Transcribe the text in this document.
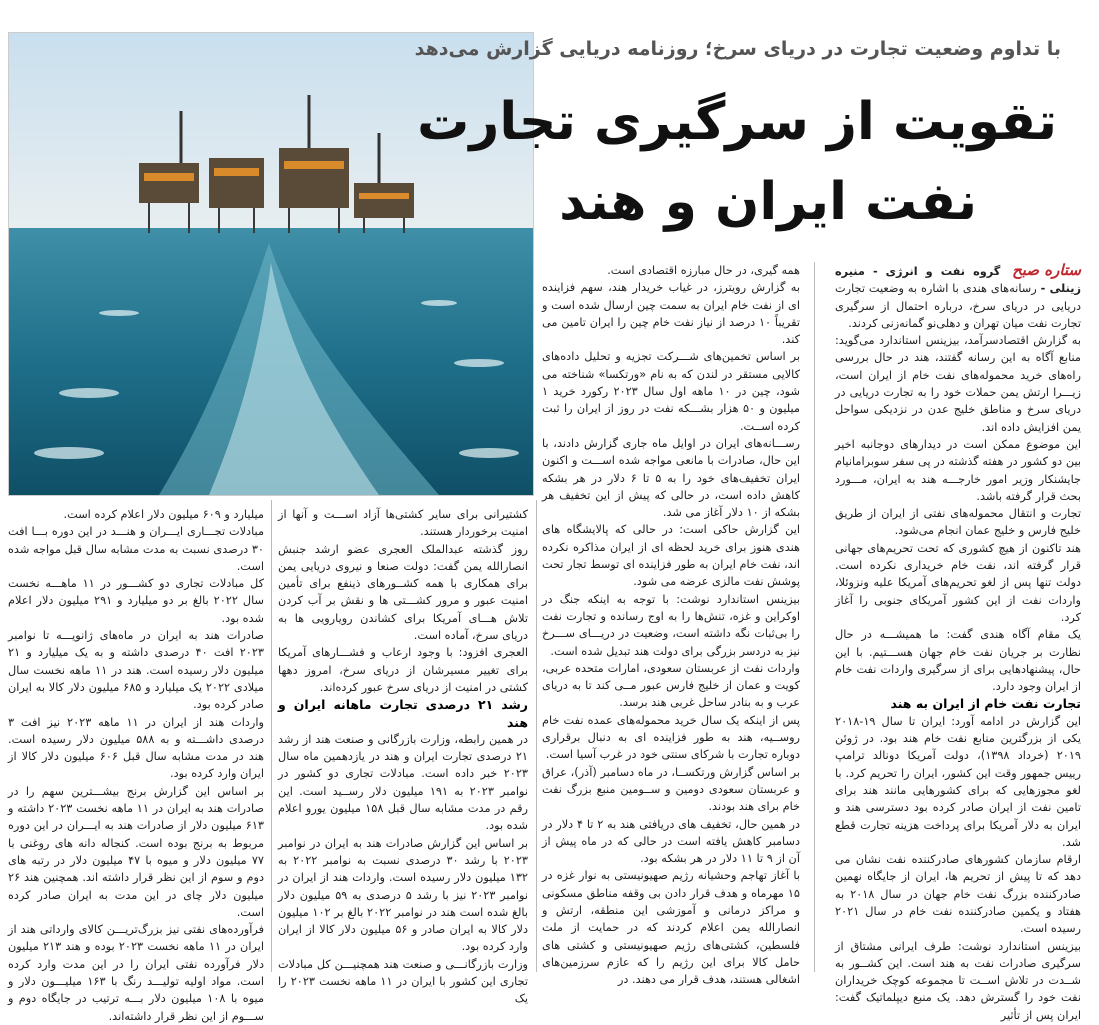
با تداوم وضعیت تجارت در دریای سرخ؛ روزنامه دریایی گزارش می‌دهد
تقویت از سرگیری تجارت
نفت ایران و هند

ستاره صبح گروه نفت و انرژی - منیره زینلی - رسانه‌های هندی با اشاره به وضعیت تجارت دریایی در دریای سرخ، درباره احتمال از سرگیری تجارت نفت میان تهران و دهلی‌نو گمانه‌زنی کردند.

به گزارش اقتصادسرآمد، بیزینس استاندارد می‌گوید: منابع آگاه به این رسانه گفتند، هند در حال بررسی راه‌های خرید محموله‌های نفت خام از ایران است، زیـــرا ارتش یمن حملات خود را به تجارت دریایی در دریای سرخ و مناطق خلیج عدن در نزدیکی سواحل یمن افزایش داده اند.

این موضوع ممکن است در دیدارهای دوجانبه اخیر بین دو کشور در هفته گذشته در پی سفر سوبرامانیام جایشنکار وزیر امور خارجـــه هند به ایران، مـــورد بحث قرار گرفته باشد.

تجارت و انتقال محموله‌های نفتی از ایران از طریق خلیج فارس و خلیج عمان انجام می‌شود.

هند تاکنون از هیچ کشوری که تحت تحریم‌های جهانی قرار گرفته اند، نفت خام خریداری نکرده است. دولت تنها پس از لغو تحریم‌های آمریکا علیه ونزوئلا، واردات نفت از این کشور آمریکای جنوبی را آغاز کرد.

یک مقام آگاه هندی گفت: ما همیشـــه در حال نظارت بر جریان نفت خام جهان هســـتیم. با این حال، پیشنهادهایی برای از سرگیری واردات نفت خام از ایران وجود دارد.

تجارت نفت خام از ایران به هند

این گزارش در ادامه آورد: ایران تا سال ۱۹-۲۰۱۸ یکی از بزرگترین منابع نفت خام هند بود. در ژوئن ۲۰۱۹ (خرداد ۱۳۹۸)، دولت آمریکا دونالد ترامپ رییس جمهور وقت این کشور، ایران را تحریم کرد. با لغو مجوزهایی که برای کشورهایی مانند هند برای تامین نفت از ایران صادر کرده بود دسترسی هند و ایران به دلار آمریکا برای پرداخت هزینه تجارت قطع شد.

ارقام سازمان کشورهای صادرکننده نفت نشان می دهد که تا پیش از تحریم ها، ایران از جایگاه نهمین صادرکننده بزرگ نفت خام جهان در سال ۲۰۱۸ به هفتاد و یکمین صادرکننده نفت خام در سال ۲۰۲۱ رسیده است.

بیزینس استاندارد نوشت: طرف ایرانی مشتاق از سرگیری صادرات نفت به هند است. این کشــور به شــدت در تلاش اســت تا مجموعه کوچک خریداران نفت خود را گسترش دهد. یک منبع دیپلماتیک گفت: ایران پس از تأثیر

همه گیری، در حال مبارزه اقتصادی است.

به گزارش رویترز، در غیاب خریدار هند، سهم فزاینده ای از نفت خام ایران به سمت چین ارسال شده است و تقریباً ۱۰ درصد از نیاز نفت خام چین را ایران تامین می کند.

بر اساس تخمین‌های شـــرکت تجزیه و تحلیل داده‌های کالایی مستقر در لندن که به نام «ورتکسا» شناخته می شود، چین در ۱۰ ماهه اول سال ۲۰۲۳ رکورد خرید ۱ میلیون و ۵۰ هزار بشـــکه نفت در روز از ایران را ثبت کرده اســت.

رســـانه‌های ایران در اوایل ماه جاری گزارش دادند، با این حال، صادرات با مانعی مواجه شده اســـت و اکنون ایران تخفیف‌های خود را به ۵ تا ۶ دلار در هر بشکه کاهش داده است، در حالی که پیش از این تخفیف هر بشکه از ۱۰ دلار آغاز می شد.

این گزارش حاکی است: در حالی که پالایشگاه های هندی هنوز برای خرید لحظه ای از ایران مذاکره نکرده اند، نفت خام ایران به طور فزاینده ای توسط تجار تحت پوشش نفت مالزی عرضه می شود.

بیزینس استاندارد نوشت: با توجه به اینکه جنگ در اوکراین و غزه، تنش‌ها را به اوج رسانده و تجارت نفت را بی‌ثبات نگه داشته است، وضعیت در دریـــای ســـرخ نیز به دردسر بزرگی برای دولت هند تبدیل شده است.

واردات نفت از عربستان سعودی، امارات متحده عربی، کویت و عمان از خلیج فارس عبور مــی کند تا به دریای عرب و به بنادر ساحل غربی هند برسد.

پس از اینکه یک سال خرید محموله‌های عمده نفت خام روســیه، هند به طور فزاینده ای به دنبال برقراری دوباره تجارت با شرکای سنتی خود در غرب آسیا است.

بر اساس گزارش ورتکســا، در ماه دسامبر (آذر)، عراق و عربستان سعودی دومین و ســومین منبع بزرگ نفت خام برای هند بودند.

در همین حال، تخفیف های دریافتی هند به ۲ تا ۴ دلار در دسامبر کاهش یافته است در حالی که در ماه پیش از آن از ۹ تا ۱۱ دلار در هر بشکه بود.

با آغاز تهاجم وحشیانه رژیم صهیونیستی به نوار غزه در ۱۵ مهرماه و هدف قرار دادن بی وقفه مناطق مسکونی و مراکز درمانی و آموزشی این منطقه، ارتش و انصارالله یمن اعلام کردند که در حمایت از ملت فلسطین، کشتی‌های رژیم صهیونیستی و کشتی های حامل کالا برای این رژیم را که عازم سرزمین‌های اشغالی هستند، هدف قرار می دهند. در

کشتیرانی برای سایر کشتی‌ها آزاد اســـت و آنها از امنیت برخوردار هستند.

روز گذشته عبدالملک العجری عضو ارشد جنبش انصارالله یمن گفت: دولت صنعا و نیروی دریایی یمن برای همکاری با همه کشــورهای ذینفع برای تأمین امنیت عبور و مرور کشـــتی ها و نقش بر آب کردن تلاش هـــای آمریکا برای کشاندن رویارویی ها به دریای سرخ، آماده است.

العجری افزود: با وجود ارعاب و فشـــارهای آمریکا برای تغییر مسیرشان از دریای سرخ، امروز دهها کشتی در امنیت از دریای سرخ عبور کرده‌اند.

رشد ۲۱ درصدی تجارت ماهانه ایران و هند

در همین رابطه، وزارت بازرگانی و صنعت هند از رشد ۲۱ درصدی تجارت ایران و هند در یازدهمین ماه سال ۲۰۲۳ خبر داده است. مبادلات تجاری دو کشور در نوامبر ۲۰۲۳ به ۱۹۱ میلیون دلار رســید است. این رقم در مدت مشابه سال قبل ۱۵۸ میلیون یورو اعلام شده بود.

بر اساس این گزارش صادرات هند به ایران در نوامبر ۲۰۲۳ با رشد ۳۰ درصدی نسبت به نوامبر ۲۰۲۲ به ۱۳۲ میلیون دلار رسیده است. واردات هند از ایران در نوامبر ۲۰۲۳ نیز با رشد ۵ درصدی به ۵۹ میلیون دلار بالغ شده است هند در نوامبر ۲۰۲۲ بالغ بر ۱۰۲ میلیون دلار کالا به ایران صادر و ۵۶ میلیون دلار کالا از ایران وارد کرده بود.

وزارت بازرگانـــی و صنعت هند همچنیـــن کل مبادلات تجاری این کشور با ایران در ۱۱ ماهه نخست ۲۰۲۳ را یک

میلیارد و ۶۰۹ میلیون دلار اعلام کرده است.

مبادلات تجـــاری ایـــران و هنـــد در این دوره بـــا افت ۳۰ درصدی نسبت به مدت مشابه سال قبل مواجه شده است.

کل مبادلات تجاری دو کشـــور در ۱۱ ماهـــه نخست سال ۲۰۲۲ بالغ بر دو میلیارد و ۲۹۱ میلیون دلار اعلام شده بود.

صادرات هند به ایران در ماه‌های ژانویـــه تا نوامبر ۲۰۲۳ افت ۴۰ درصدی داشته و به یک میلیارد و ۲۱ میلیون دلار رسیده است. هند در ۱۱ ماهه نخست سال میلادی ۲۰۲۲ یک میلیارد و ۶۸۵ میلیون دلار کالا به ایران صادر کرده بود.

واردات هند از ایران در ۱۱ ماهه ۲۰۲۳ نیز افت ۳ درصدی داشـــته و به ۵۸۸ میلیون دلار رسیده است. هند در مدت مشابه سال قبل ۶۰۶ میلیون دلار کالا از ایران وارد کرده بود.

بر اساس این گزارش برنج بیشـــترین سهم را در صادرات هند به ایران در ۱۱ ماهه نخست ۲۰۲۳ داشته و ۶۱۳ میلیون دلار از صادرات هند به ایـــران در این دوره مربوط به برنج بوده است. کنجاله دانه های روغنی با ۷۷ میلیون دلار و میوه با ۴۷ میلیون دلار در رتبه های دوم و سوم از این نظر قرار داشته اند. همچنین هند ۲۶ میلیون دلار چای در این مدت به ایران صادر کرده است.

فرآورده‌های نفتی نیز بزرگ‌تریـــن کالای وارداتی هند از ایران در ۱۱ ماهه نخست ۲۰۲۳ بوده و هند ۲۱۳ میلیون دلار فرآورده نفتی ایران را در این مدت وارد کرده است. مواد اولیه تولیـــد رنگ با ۱۶۳ میلیـــون دلار و میوه با ۱۰۸ میلیون دلار بـــه ترتیب در جایگاه دوم و ســـوم از این نظر قرار داشته‌اند.
